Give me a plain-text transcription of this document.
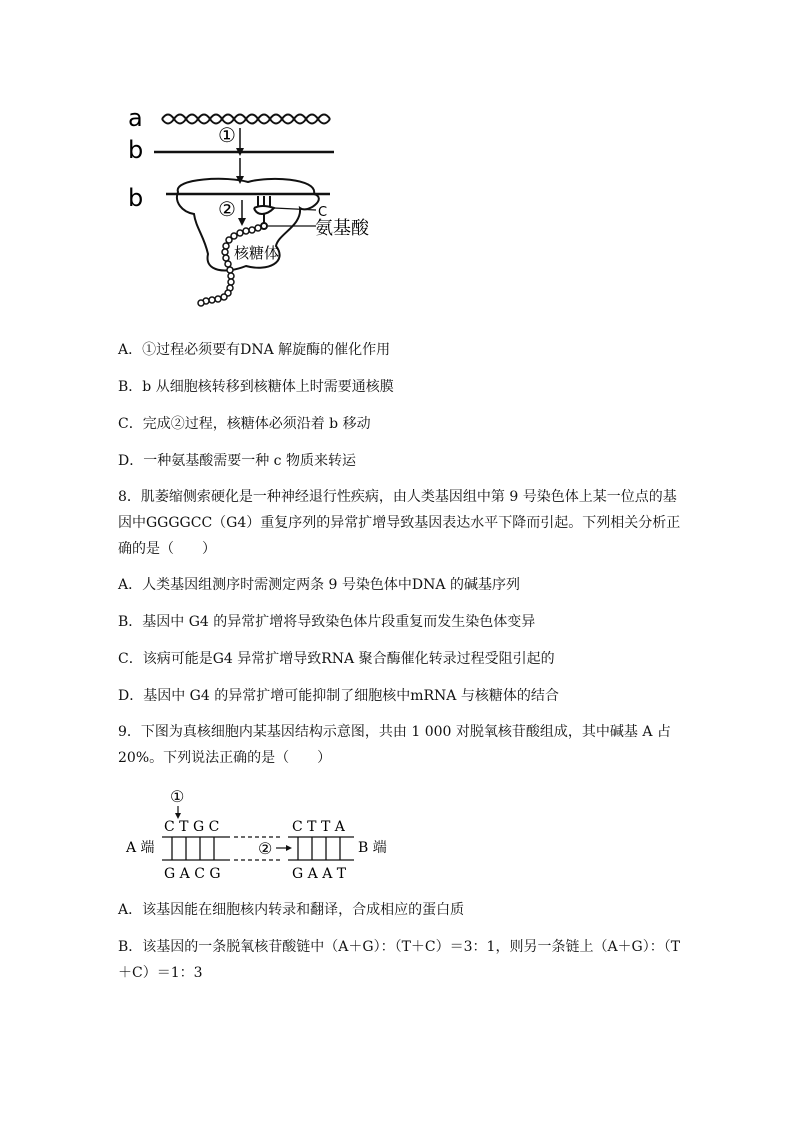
a
①
b
b	②	C
氨基酸
核糖体
A．①过程必须要有DNA 解旋酶的催化作用
B．b 从细胞核转移到核糖体上时需要通核膜
C．完成②过程，核糖体必须沿着 b 移动
D．一种氨基酸需要一种 c 物质来转运
8．肌萎缩侧索硬化是一种神经退行性疾病，由人类基因组中第 9 号染色体上某一位点的基因中GGGGCC（G4）重复序列的异常扩增导致基因表达水平下降而引起。下列相关分析正确的是（　　）
A．人类基因组测序时需测定两条 9 号染色体中DNA 的碱基序列
B．基因中 G4 的异常扩增将导致染色体片段重复而发生染色体变异
C．该病可能是G4 异常扩增导致RNA 聚合酶催化转录过程受阻引起的
D．基因中 G4 的异常扩增可能抑制了细胞核中mRNA 与核糖体的结合
9．下图为真核细胞内某基因结构示意图，共由 1 000 对脱氧核苷酸组成，其中碱基 A 占 20%。下列说法正确的是（　　）
①
C T G C	C T T A
②
A 端	B 端
G A C G	G A A T
A．该基因能在细胞核内转录和翻译，合成相应的蛋白质
B．该基因的一条脱氧核苷酸链中（A＋G）：（T＋C）＝3：1，则另一条链上（A＋G）：（T＋C）＝1：3
